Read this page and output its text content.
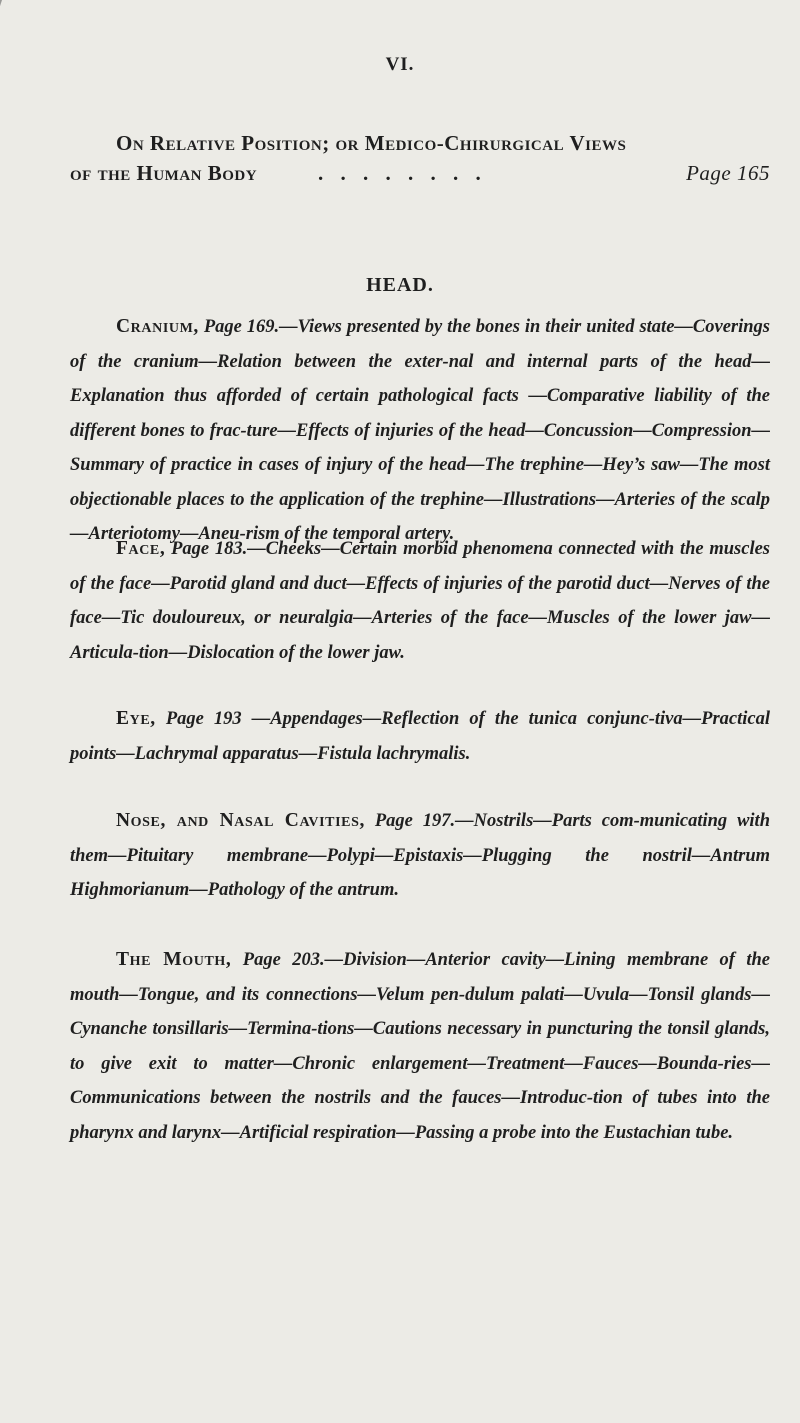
VI.
On Relative Position; or Medico-Chirurgical Views
of the Human Body	. . . . . . . .	Page 165
HEAD.

Cranium, Page 169.—Views presented by the bones in their united state—Coverings of the cranium—Relation between the exter-nal and internal parts of the head—Explanation thus afforded of certain pathological facts —Comparative liability of the different bones to frac-ture—Effects of injuries of the head—Concussion—Compression—Summary of practice in cases of injury of the head—The trephine—Hey’s saw—The most objectionable places to the application of the trephine—Illustrations—Arteries of the scalp—Arteriotomy—Aneu-rism of the temporal artery.

Face, Page 183.—Cheeks—Certain morbid phenomena connected with the muscles of the face—Parotid gland and duct—Effects of injuries of the parotid duct—Nerves of the face—Tic douloureux, or neuralgia—Arteries of the face—Muscles of the lower jaw—Articula-tion—Dislocation of the lower jaw.

Eye, Page 193 —Appendages—Reflection of the tunica conjunc-tiva—Practical points—Lachrymal apparatus—Fistula lachrymalis.

Nose, and Nasal Cavities, Page 197.—Nostrils—Parts com-municating with them—Pituitary membrane—Polypi—Epistaxis—Plugging the nostril—Antrum Highmorianum—Pathology of the antrum.

The Mouth, Page 203.—Division—Anterior cavity—Lining membrane of the mouth—Tongue, and its connections—Velum pen-dulum palati—Uvula—Tonsil glands—Cynanche tonsillaris—Termina-tions—Cautions necessary in puncturing the tonsil glands, to give exit to matter—Chronic enlargement—Treatment—Fauces—Bounda-ries—Communications between the nostrils and the fauces—Introduc-tion of tubes into the pharynx and larynx—Artificial respiration—Passing a probe into the Eustachian tube.
